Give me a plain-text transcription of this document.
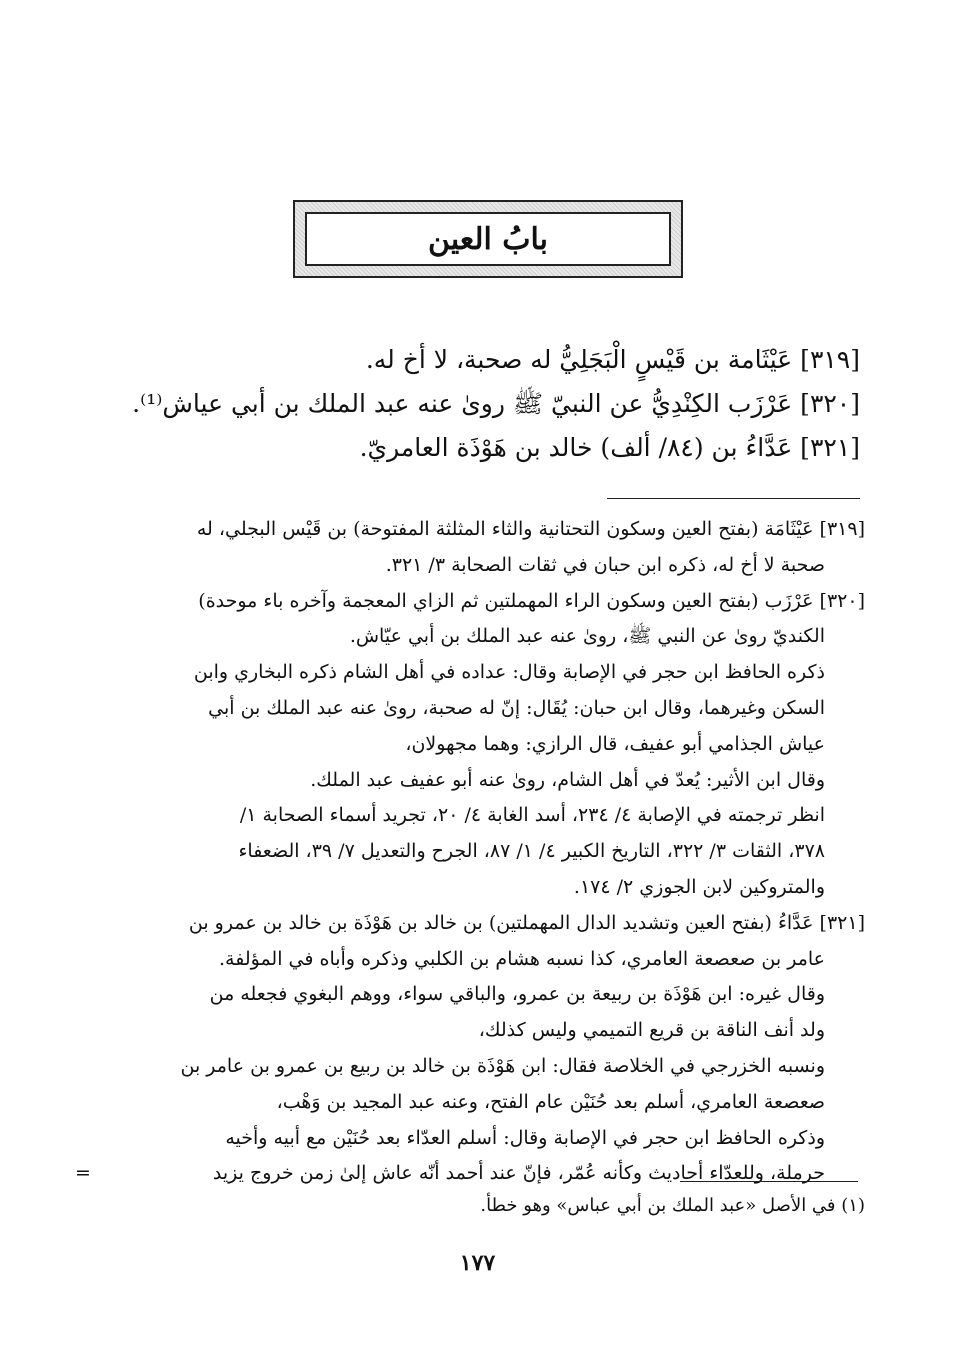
بابُ العين
[٣١٩] عَيْثَامة بن قَيْسٍ الْبَجَلِيُّ له صحبة، لا أخ له.
[٣٢٠] عَرْزَب الكِنْدِيُّ عن النبيّ ﷺ روىٰ عنه عبد الملك بن أبي عياش⁽¹⁾.
[٣٢١] عَدَّاءُ بن (٨٤/ ألف) خالد بن هَوْذَة العامريّ.
[٣١٩] عَيْثَامَة (بفتح العين وسكون التحتانية والثاء المثلثة المفتوحة) بن قَيْس البجلي، له
صحبة لا أخ له، ذكره ابن حبان في ثقات الصحابة ٣/ ٣٢١.
[٣٢٠] عَرْزَب (بفتح العين وسكون الراء المهملتين ثم الزاي المعجمة وآخره باء موحدة)
الكنديّ روىٰ عن النبي ﷺ، روىٰ عنه عبد الملك بن أبي عيّاش.
ذكره الحافظ ابن حجر في الإصابة وقال: عداده في أهل الشام ذكره البخاري وابن
السكن وغيرهما، وقال ابن حبان: يُقَال: إنّ له صحبة، روىٰ عنه عبد الملك بن أبي
عياش الجذامي أبو عفيف، قال الرازي: وهما مجهولان،
وقال ابن الأثير: يُعدّ في أهل الشام، روىٰ عنه أبو عفيف عبد الملك.
انظر ترجمته في الإصابة ٤/ ٢٣٤، أسد الغابة ٤/ ٢٠، تجريد أسماء الصحابة ١/
٣٧٨، الثقات ٣/ ٣٢٢، التاريخ الكبير ٤/ ١/ ٨٧، الجرح والتعديل ٧/ ٣٩، الضعفاء
والمتروكين لابن الجوزي ٢/ ١٧٤.
[٣٢١] عَدَّاءُ (بفتح العين وتشديد الدال المهملتين) بن خالد بن هَوْذَة بن خالد بن عمرو بن
عامر بن صعصعة العامري، كذا نسبه هشام بن الكلبي وذكره وأباه في المؤلفة.
وقال غيره: ابن هَوْذَة بن ربيعة بن عمرو، والباقي سواء، ووهم البغوي فجعله من
ولد أنف الناقة بن قريع التميمي وليس كذلك،
ونسبه الخزرجي في الخلاصة فقال: ابن هَوْذَة بن خالد بن ربيع بن عمرو بن عامر بن
صعصعة العامري، أسلم بعد حُنَيْن عام الفتح، وعنه عبد المجيد بن وَهْب،
وذكره الحافظ ابن حجر في الإصابة وقال: أسلم العدّاء بعد حُنَيْن مع أبيه وأخيه
حرملة، وللعدّاء أحاديث وكأنه عُمّر، فإنّ عند أحمد أنّه عاش إلىٰ زمن خروج يزيد
=
(١) في الأصل «عبد الملك بن أبي عباس» وهو خطأ.
١٧٧
